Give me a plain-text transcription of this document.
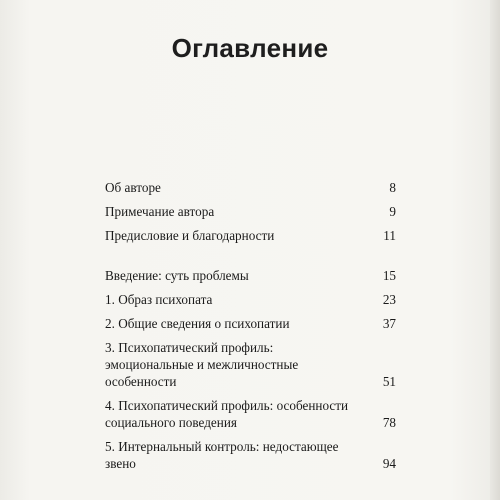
Оглавление
Об авторе	8
Примечание автора	9
Предисловие и благодарности	11
Введение: суть проблемы	15
1. Образ психопата	23
2. Общие сведения о психопатии	37
3. Психопатический профиль: эмоциональные и межличностные особенности	51
4. Психопатический профиль: особенности социального поведения	78
5. Интернальный контроль: недостающее звено	94
